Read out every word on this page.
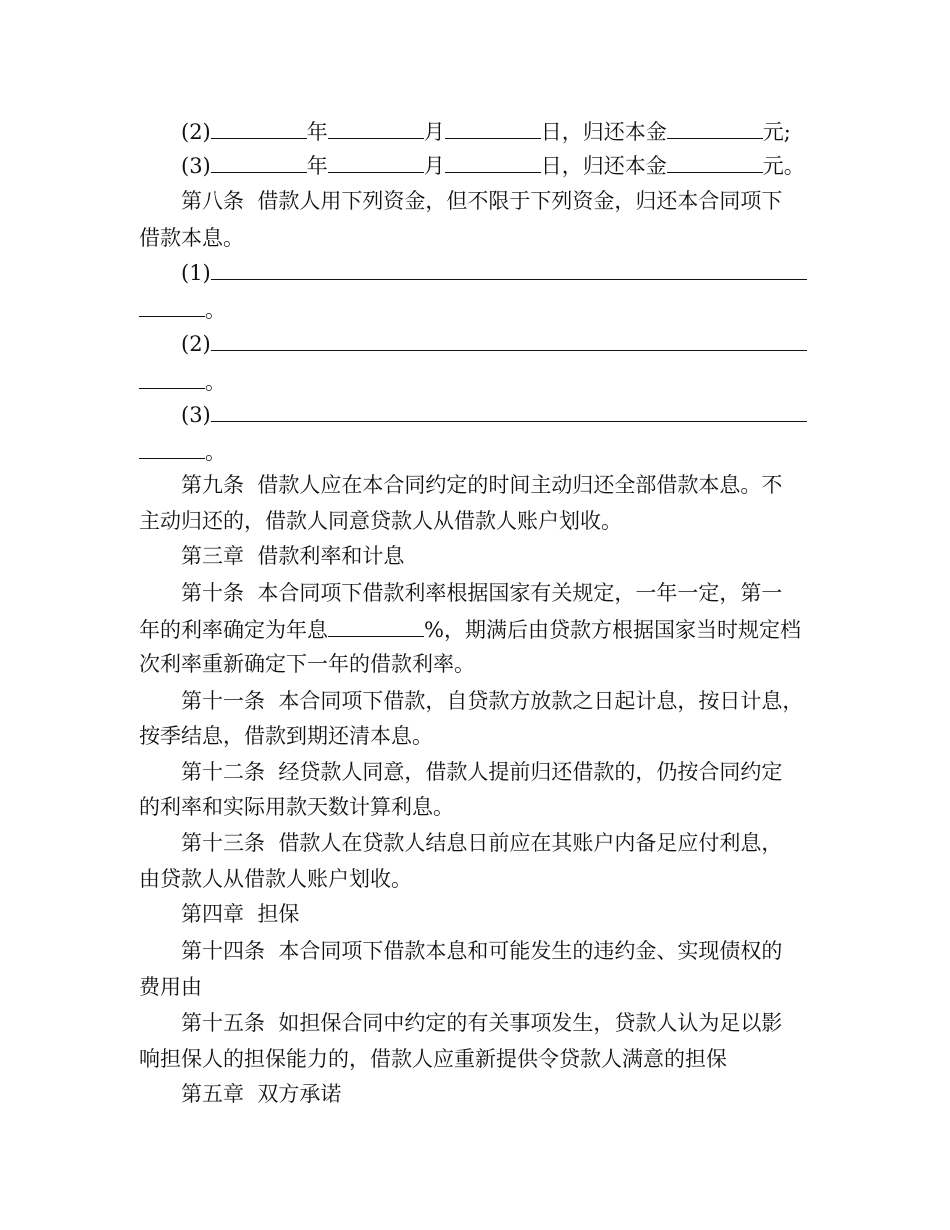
(2)	年	月	日，归还本金	元;

(3)	年	月	日，归还本金	元。

第八条  借款人用下列资金，但不限于下列资金，归还本合同项下

借款本息。

(1)

。

(2)

。

(3)

。

第九条  借款人应在本合同约定的时间主动归还全部借款本息。不

主动归还的，借款人同意贷款人从借款人账户划收。

第三章  借款利率和计息

第十条  本合同项下借款利率根据国家有关规定，一年一定，第一

年的利率确定为年息	%，期满后由贷款方根据国家当时规定档

次利率重新确定下一年的借款利率。

第十一条  本合同项下借款，自贷款方放款之日起计息，按日计息，

按季结息，借款到期还清本息。

第十二条  经贷款人同意，借款人提前归还借款的，仍按合同约定

的利率和实际用款天数计算利息。

第十三条  借款人在贷款人结息日前应在其账户内备足应付利息，

由贷款人从借款人账户划收。

第四章  担保

第十四条  本合同项下借款本息和可能发生的违约金、实现债权的

费用由

第十五条  如担保合同中约定的有关事项发生，贷款人认为足以影

响担保人的担保能力的，借款人应重新提供令贷款人满意的担保

第五章  双方承诺
